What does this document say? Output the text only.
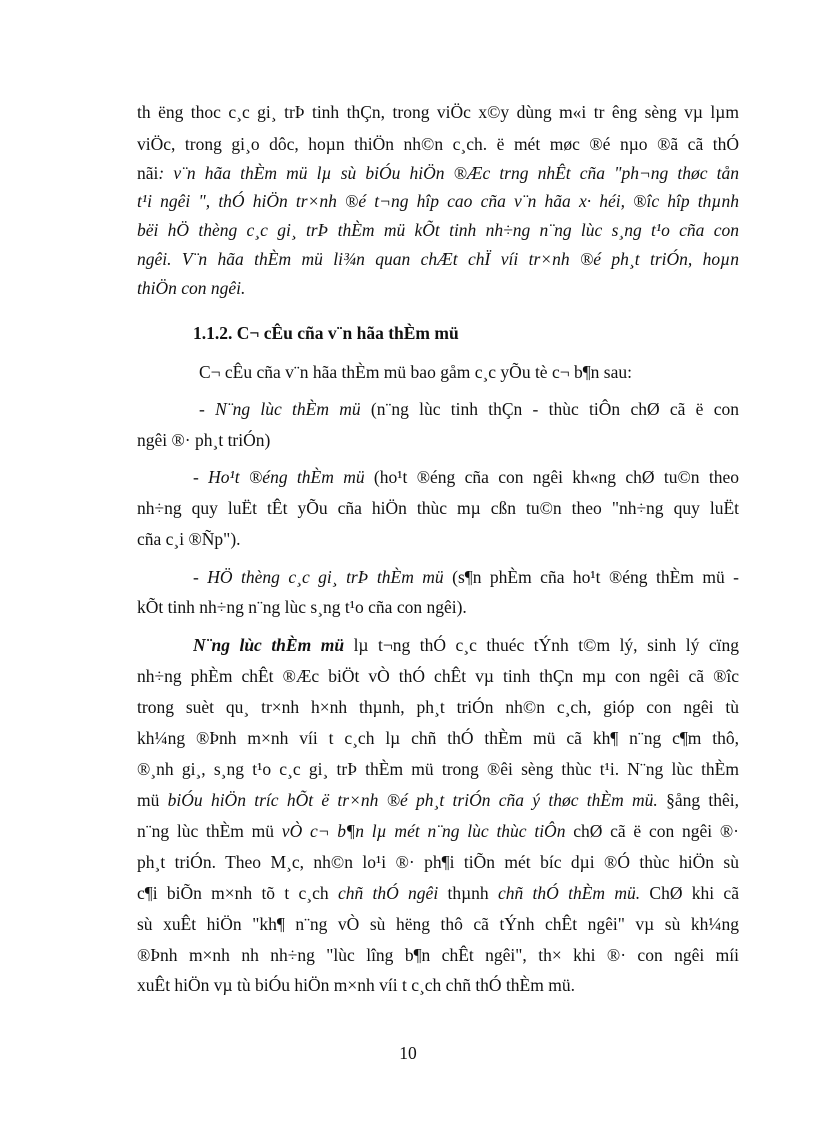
th ëng thoc c¸c gi¸ trÞ tinh thÇn, trong viÖc x©y dùng m«i tr êng sèng vµ lµm
viÖc, trong gi¸o dôc, hoµn thiÖn nh©n c¸ch. ë mét møc ®é nµo ®ã cã thÓ
nãi: v¨n hãa thÈm mü lµ sù biÓu hiÖn ®Æc trng nhÊt cña "ph¬ng thøc tån
t¹i ngêi ", thÓ hiÖn tr×nh ®é t¬ng hîp cao cña v¨n hãa x· héi, ®îc hîp thµnh
bëi hÖ thèng c¸c gi¸ trÞ thÈm mü kÕt tinh nh÷ng n¨ng lùc s¸ng t¹o cña con
ngêi. V¨n hãa thÈm mü li¾n quan chÆt chÏ víi tr×nh ®é ph¸t triÓn, hoµn
thiÖn con ngêi.
1.1.2. C¬ cÊu cña v¨n hãa thÈm mü
C¬ cÊu cña v¨n hãa thÈm mü bao gåm c¸c yÕu tè c¬ b¶n sau:
- N¨ng lùc thÈm mü (n¨ng lùc tinh thÇn - thùc tiÔn chØ cã ë con
ngêi ®· ph¸t triÓn)
- Ho¹t ®éng thÈm mü (ho¹t ®éng cña con ngêi kh«ng chØ tu©n theo
nh÷ng quy luËt tÊt yÕu cña hiÖn thùc mµ cßn tu©n theo "nh÷ng quy luËt
cña c¸i ®Ñp").
- HÖ thèng c¸c gi¸ trÞ thÈm mü (s¶n phÈm cña ho¹t ®éng thÈm mü -
kÕt tinh nh÷ng n¨ng lùc s¸ng t¹o cña con ngêi).
N¨ng lùc thÈm mü lµ t¬ng thÓ c¸c thuéc tÝnh t©m lý, sinh lý cïng
nh÷ng phÈm chÊt ®Æc biÖt vÒ thÓ chÊt vµ tinh thÇn mµ con ngêi cã ®îc
trong suèt qu¸ tr×nh h×nh thµnh, ph¸t triÓn nh©n c¸ch, gióp con ngêi tù
kh¼ng ®Þnh m×nh víi t c¸ch lµ chñ thÓ thÈm mü cã kh¶ n¨ng c¶m thô,
®¸nh gi¸, s¸ng t¹o c¸c gi¸ trÞ thÈm mü trong ®êi sèng thùc t¹i. N¨ng lùc thÈm
mü biÓu hiÖn tríc hÕt ë tr×nh ®é ph¸t triÓn cña ý thøc thÈm mü. §ång thêi,
n¨ng lùc thÈm mü vÒ c¬ b¶n lµ mét n¨ng lùc thùc tiÔn chØ cã ë con ngêi ®·
ph¸t triÓn. Theo M¸c, nh©n lo¹i ®· ph¶i tiÕn mét bíc dµi ®Ó thùc hiÖn sù
c¶i biÕn m×nh tõ t c¸ch chñ thÓ ngêi thµnh chñ thÓ thÈm mü. ChØ khi cã
sù xuÊt hiÖn "kh¶ n¨ng vÒ sù hëng thô cã tÝnh chÊt ngêi" vµ sù kh¼ng
®Þnh m×nh nh nh÷ng "lùc lîng b¶n chÊt ngêi", th× khi ®· con ngêi míi
xuÊt hiÖn vµ tù biÓu hiÖn m×nh víi t c¸ch chñ thÓ thÈm mü.
10
